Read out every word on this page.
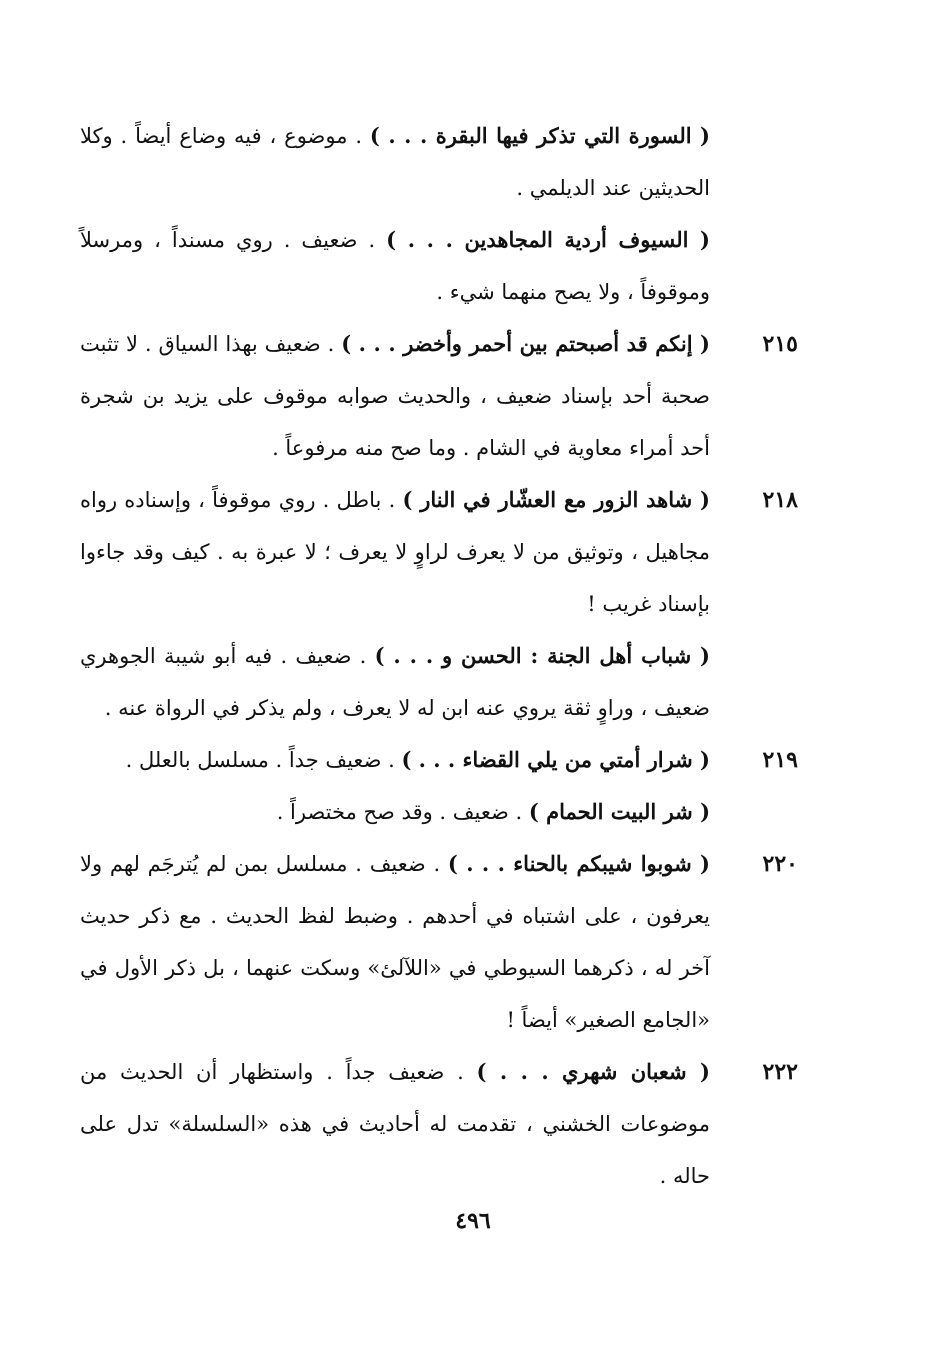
( السورة التي تذكر فيها البقرة . . . ) . موضوع ، فيه وضاع أيضاً . وكلا الحديثين عند الديلمي .
( السيوف أردية المجاهدين . . . ) . ضعيف . روي مسنداً ، ومرسلاً وموقوفاً ، ولا يصح منهما شيء .
٢١٥
( إنكم قد أصبحتم بين أحمر وأخضر . . . ) . ضعيف بهذا السياق . لا تثبت صحبة أحد بإسناد ضعيف ، والحديث صوابه موقوف على يزيد بن شجرة أحد أمراء معاوية في الشام . وما صح منه مرفوعاً .
٢١٨
( شاهد الزور مع العشّار في النار ) . باطل . روي موقوفاً ، وإسناده رواه مجاهيل ، وتوثيق من لا يعرف لراوٍ لا يعرف ؛ لا عبرة به . كيف وقد جاءوا بإسناد غريب !
( شباب أهل الجنة : الحسن و . . . ) . ضعيف . فيه أبو شيبة الجوهري ضعيف ، وراوٍ ثقة يروي عنه ابن له لا يعرف ، ولم يذكر في الرواة عنه .
٢١٩
( شرار أمتي من يلي القضاء . . . ) . ضعيف جداً . مسلسل بالعلل .
( شر البيت الحمام ) . ضعيف . وقد صح مختصراً .
٢٢٠
( شوبوا شيبكم بالحناء . . . ) . ضعيف . مسلسل بمن لم يُترجَم لهم ولا يعرفون ، على اشتباه في أحدهم . وضبط لفظ الحديث . مع ذكر حديث آخر له ، ذكرهما السيوطي في «اللآلئ» وسكت عنهما ، بل ذكر الأول في «الجامع الصغير» أيضاً !
٢٢٢
( شعبان شهري . . . ) . ضعيف جداً . واستظهار أن الحديث من موضوعات الخشني ، تقدمت له أحاديث في هذه «السلسلة» تدل على حاله .
٤٩٦
